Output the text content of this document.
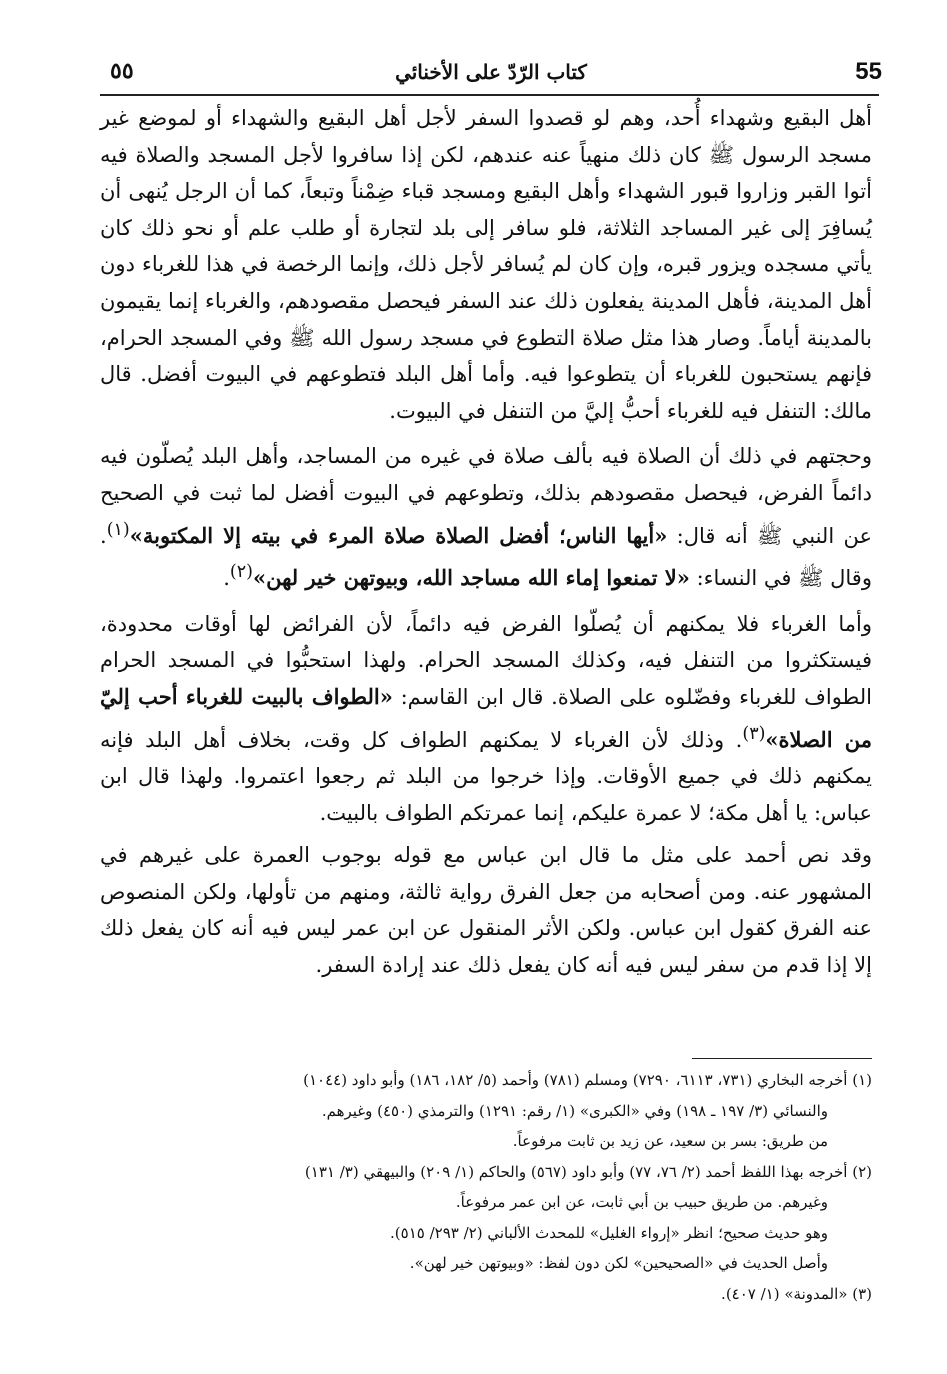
55
كتاب الرّدّ على الأخنائي
٥٥

أهل البقيع وشهداء أُحد، وهم لو قصدوا السفر لأجل أهل البقيع والشهداء أو لموضع غير مسجد الرسول ﷺ كان ذلك منهياً عنه عندهم، لكن إذا سافروا لأجل المسجد والصلاة فيه أتوا القبر وزاروا قبور الشهداء وأهل البقيع ومسجد قباء ضِمْناً وتبعاً، كما أن الرجل يُنهى أن يُسافِرَ إلى غير المساجد الثلاثة، فلو سافر إلى بلد لتجارة أو طلب علم أو نحو ذلك كان يأتي مسجده ويزور قبره، وإن كان لم يُسافر لأجل ذلك، وإنما الرخصة في هذا للغرباء دون أهل المدينة، فأهل المدينة يفعلون ذلك عند السفر فيحصل مقصودهم، والغرباء إنما يقيمون بالمدينة أياماً. وصار هذا مثل صلاة التطوع في مسجد رسول الله ﷺ وفي المسجد الحرام، فإنهم يستحبون للغرباء أن يتطوعوا فيه. وأما أهل البلد فتطوعهم في البيوت أفضل. قال مالك: التنفل فيه للغرباء أحبُّ إليَّ من التنفل في البيوت.

وحجتهم في ذلك أن الصلاة فيه بألف صلاة في غيره من المساجد، وأهل البلد يُصلّون فيه دائماً الفرض، فيحصل مقصودهم بذلك، وتطوعهم في البيوت أفضل لما ثبت في الصحيح عن النبي ﷺ أنه قال: «أيها الناس؛ أفضل الصلاة صلاة المرء في بيته إلا المكتوبة»$^{(١)}$. وقال ﷺ في النساء: «لا تمنعوا إماء الله مساجد الله، وبيوتهن خير لهن»$^{(٢)}$.

وأما الغرباء فلا يمكنهم أن يُصلّوا الفرض فيه دائماً، لأن الفرائض لها أوقات محدودة، فيستكثروا من التنفل فيه، وكذلك المسجد الحرام. ولهذا استحبُّوا في المسجد الحرام الطواف للغرباء وفضّلوه على الصلاة. قال ابن القاسم: «الطواف بالبيت للغرباء أحب إليّ من الصلاة»$^{(٣)}$. وذلك لأن الغرباء لا يمكنهم الطواف كل وقت، بخلاف أهل البلد فإنه يمكنهم ذلك في جميع الأوقات. وإذا خرجوا من البلد ثم رجعوا اعتمروا. ولهذا قال ابن عباس: يا أهل مكة؛ لا عمرة عليكم، إنما عمرتكم الطواف بالبيت.

وقد نص أحمد على مثل ما قال ابن عباس مع قوله بوجوب العمرة على غيرهم في المشهور عنه. ومن أصحابه من جعل الفرق رواية ثالثة، ومنهم من تأولها، ولكن المنصوص عنه الفرق كقول ابن عباس. ولكن الأثر المنقول عن ابن عمر ليس فيه أنه كان يفعل ذلك إلا إذا قدم من سفر ليس فيه أنه كان يفعل ذلك عند إرادة السفر.

(١) أخرجه البخاري (٧٣١، ٦١١٣، ٧٢٩٠) ومسلم (٧٨١) وأحمد (٥/ ١٨٢، ١٨٦) وأبو داود (١٠٤٤)

والنسائي (٣/ ١٩٧ ـ ١٩٨) وفي «الكبرى» (١/ رقم: ١٢٩١) والترمذي (٤٥٠) وغيرهم.

من طريق: بسر بن سعيد، عن زيد بن ثابت مرفوعاً.

(٢) أخرجه بهذا اللفظ أحمد (٢/ ٧٦، ٧٧) وأبو داود (٥٦٧) والحاكم (١/ ٢٠٩) والبيهقي (٣/ ١٣١)

وغيرهم. من طريق حبيب بن أبي ثابت، عن ابن عمر مرفوعاً.

وهو حديث صحيح؛ انظر «إرواء الغليل» للمحدث الألباني (٢/ ٢٩٣/ ٥١٥).

وأصل الحديث في «الصحيحين» لكن دون لفظ: «وبيوتهن خير لهن».

(٣) «المدونة» (١/ ٤٠٧).
